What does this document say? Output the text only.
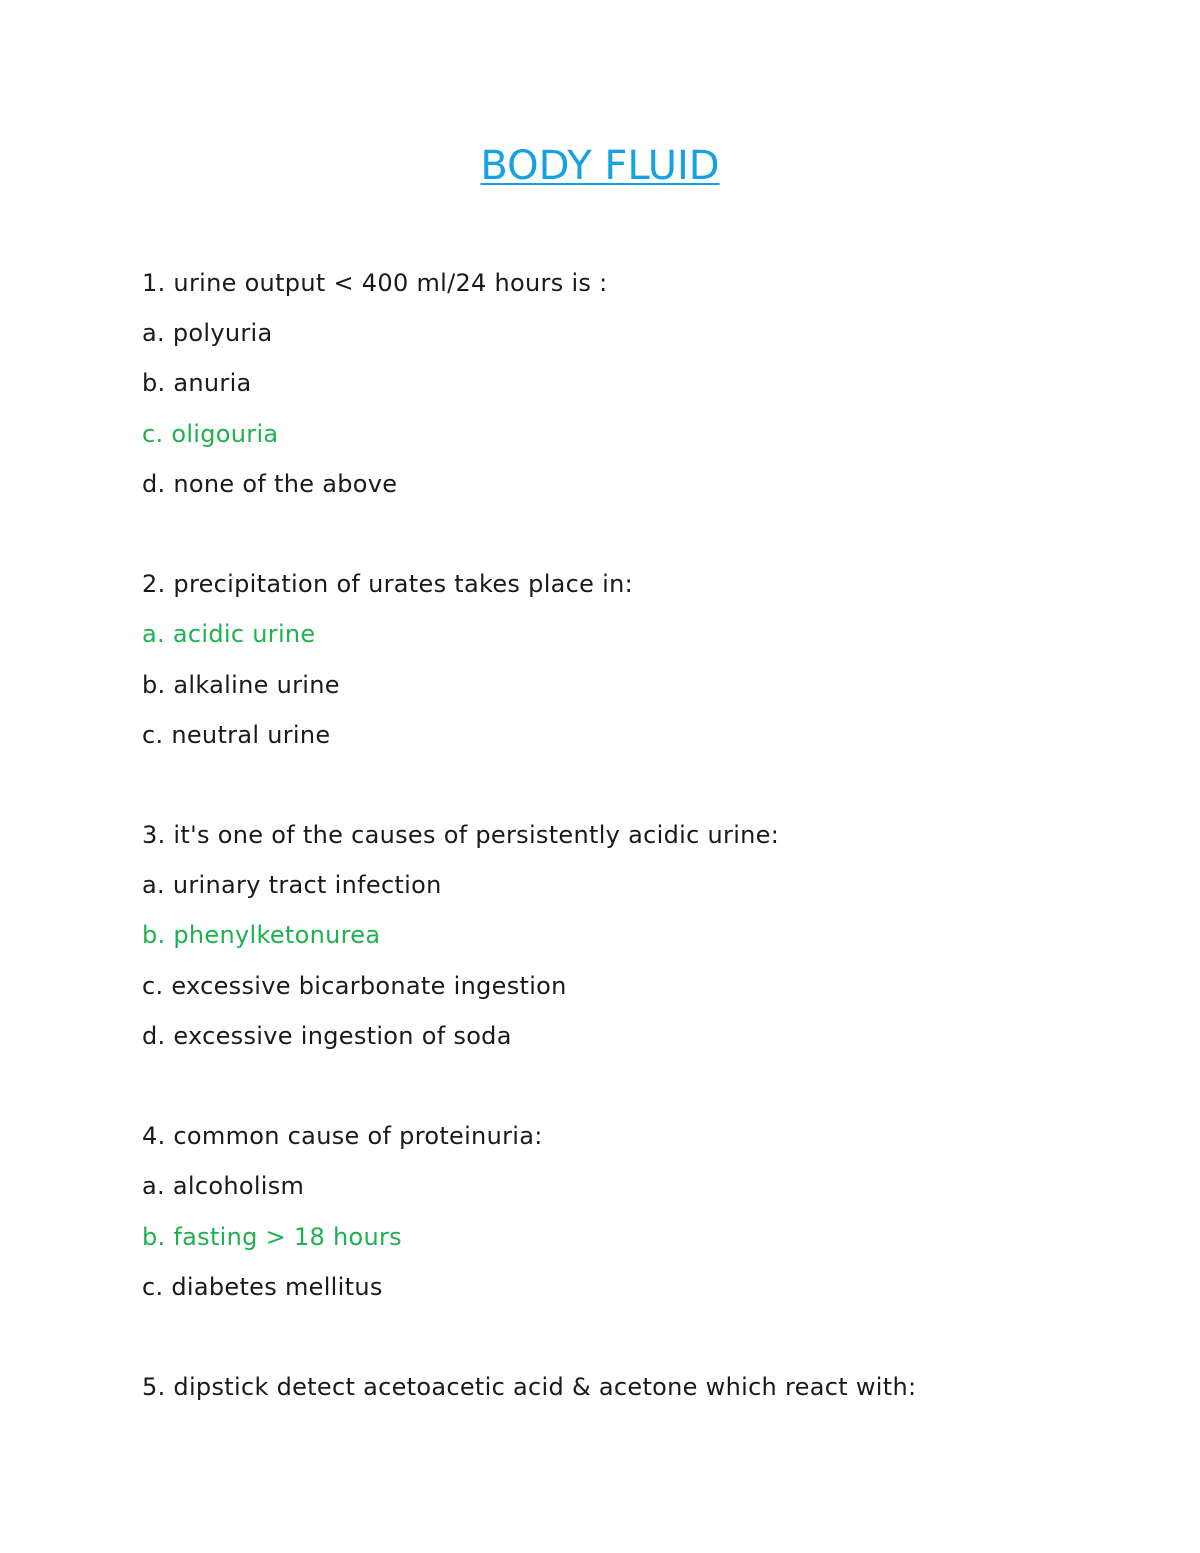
BODY FLUID
1. urine output < 400 ml/24 hours is :
a. polyuria
b. anuria
c. oligouria
d. none of the above
2. precipitation of urates takes place in:
a. acidic urine
b. alkaline urine
c. neutral urine
3. it's one of the causes of persistently acidic urine:
a. urinary tract infection
b. phenylketonurea
c. excessive bicarbonate ingestion
d. excessive ingestion of soda
4. common cause of proteinuria:
a. alcoholism
b. fasting > 18 hours
c. diabetes mellitus
5. dipstick detect acetoacetic acid & acetone which react with:
